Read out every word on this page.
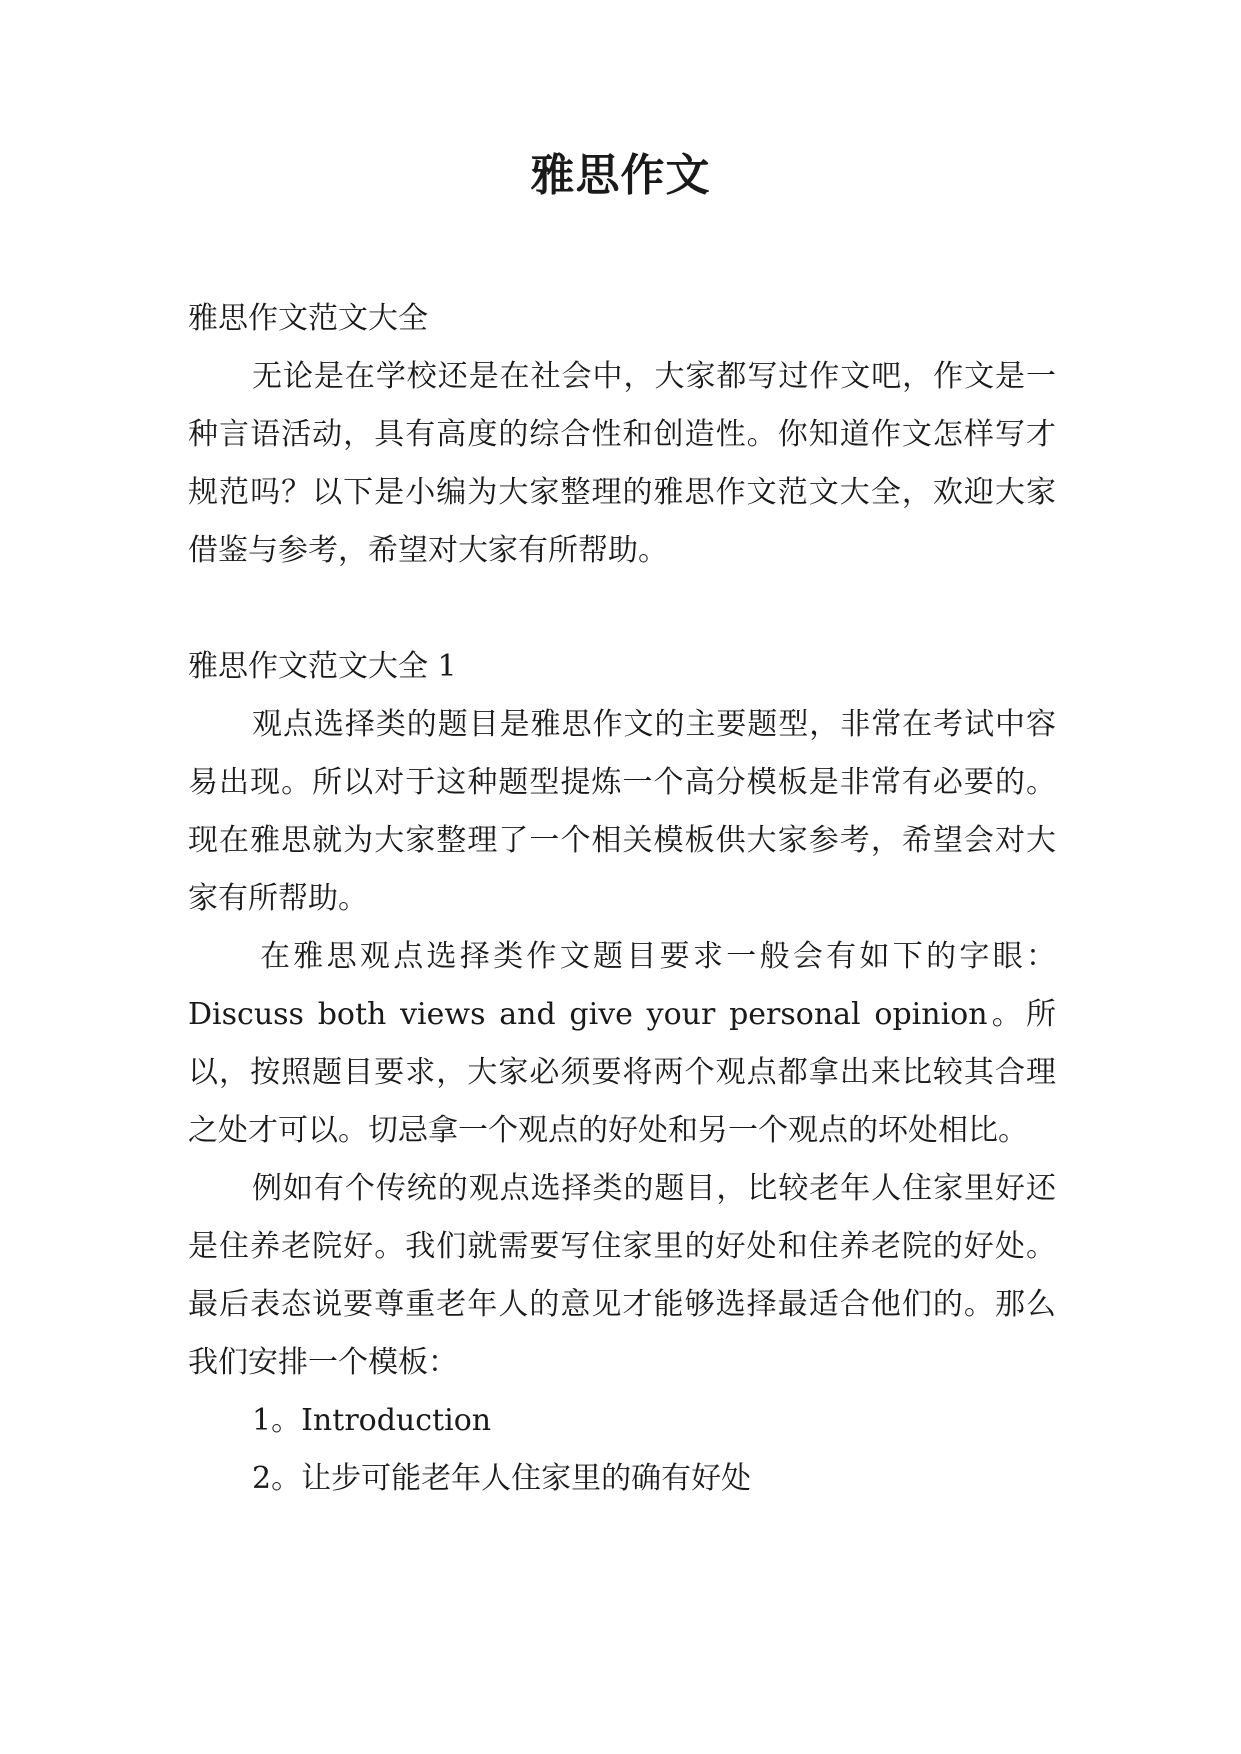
雅思作文

雅思作文范文大全

无论是在学校还是在社会中，大家都写过作文吧，作文是一种言语活动，具有高度的综合性和创造性。你知道作文怎样写才规范吗？以下是小编为大家整理的雅思作文范文大全，欢迎大家借鉴与参考，希望对大家有所帮助。

雅思作文范文大全 1

观点选择类的题目是雅思作文的主要题型，非常在考试中容易出现。所以对于这种题型提炼一个高分模板是非常有必要的。现在雅思就为大家整理了一个相关模板供大家参考，希望会对大家有所帮助。

在雅思观点选择类作文题目要求一般会有如下的字眼：Discuss both views and give your personal opinion。所以，按照题目要求，大家必须要将两个观点都拿出来比较其合理之处才可以。切忌拿一个观点的好处和另一个观点的坏处相比。

例如有个传统的观点选择类的题目，比较老年人住家里好还是住养老院好。我们就需要写住家里的好处和住养老院的好处。最后表态说要尊重老年人的意见才能够选择最适合他们的。那么我们安排一个模板：

1。Introduction

2。让步可能老年人住家里的确有好处
